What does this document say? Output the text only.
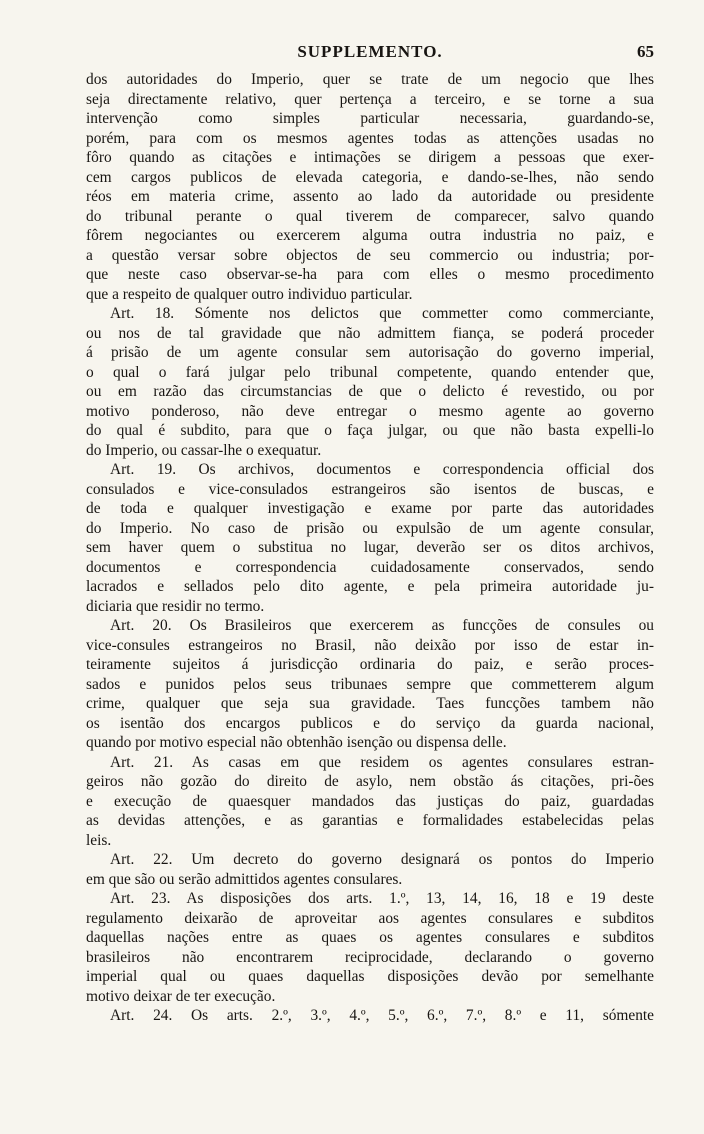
SUPPLEMENTO.	65
dos autoridades do Imperio, quer se trate de um negocio que lhes
seja directamente relativo, quer pertença a terceiro, e se torne a sua
intervenção como simples particular necessaria, guardando-se,
porém, para com os mesmos agentes todas as attenções usadas no
fôro quando as citações e intimações se dirigem a pessoas que exer-
cem cargos publicos de elevada categoria, e dando-se-lhes, não sendo
réos em materia crime, assento ao lado da autoridade ou presidente
do tribunal perante o qual tiverem de comparecer, salvo quando
fôrem negociantes ou exercerem alguma outra industria no paiz, e
a questão versar sobre objectos de seu commercio ou industria; por-
que neste caso observar-se-ha para com elles o mesmo procedimento
que a respeito de qualquer outro individuo particular.
Art. 18. Sómente nos delictos que commetter como commerciante,
ou nos de tal gravidade que não admittem fiança, se poderá proceder
á prisão de um agente consular sem autorisação do governo imperial,
o qual o fará julgar pelo tribunal competente, quando entender que,
ou em razão das circumstancias de que o delicto é revestido, ou por
motivo ponderoso, não deve entregar o mesmo agente ao governo
do qual é subdito, para que o faça julgar, ou que não basta expelli-lo
do Imperio, ou cassar-lhe o exequatur.
Art. 19. Os archivos, documentos e correspondencia official dos
consulados e vice-consulados estrangeiros são isentos de buscas, e
de toda e qualquer investigação e exame por parte das autoridades
do Imperio. No caso de prisão ou expulsão de um agente consular,
sem haver quem o substitua no lugar, deverão ser os ditos archivos,
documentos e correspondencia cuidadosamente conservados, sendo
lacrados e sellados pelo dito agente, e pela primeira autoridade ju-
diciaria que residir no termo.
Art. 20. Os Brasileiros que exercerem as funcções de consules ou
vice-consules estrangeiros no Brasil, não deixão por isso de estar in-
teiramente sujeitos á jurisdicção ordinaria do paiz, e serão proces-
sados e punidos pelos seus tribunaes sempre que commetterem algum
crime, qualquer que seja sua gravidade. Taes funcções tambem não
os isentão dos encargos publicos e do serviço da guarda nacional,
quando por motivo especial não obtenhão isenção ou dispensa delle.
Art. 21. As casas em que residem os agentes consulares estran-
geiros não gozão do direito de asylo, nem obstão ás citações, pri-ões
e execução de quaesquer mandados das justiças do paiz, guardadas
as devidas attenções, e as garantias e formalidades estabelecidas pelas
leis.
Art. 22. Um decreto do governo designará os pontos do Imperio
em que são ou serão admittidos agentes consulares.
Art. 23. As disposições dos arts. 1.º, 13, 14, 16, 18 e 19 deste
regulamento deixarão de aproveitar aos agentes consulares e subditos
daquellas nações entre as quaes os agentes consulares e subditos
brasileiros não encontrarem reciprocidade, declarando o governo
imperial qual ou quaes daquellas disposições devão por semelhante
motivo deixar de ter execução.
Art. 24. Os arts. 2.º, 3.º, 4.º, 5.º, 6.º, 7.º, 8.º e 11, sómente
